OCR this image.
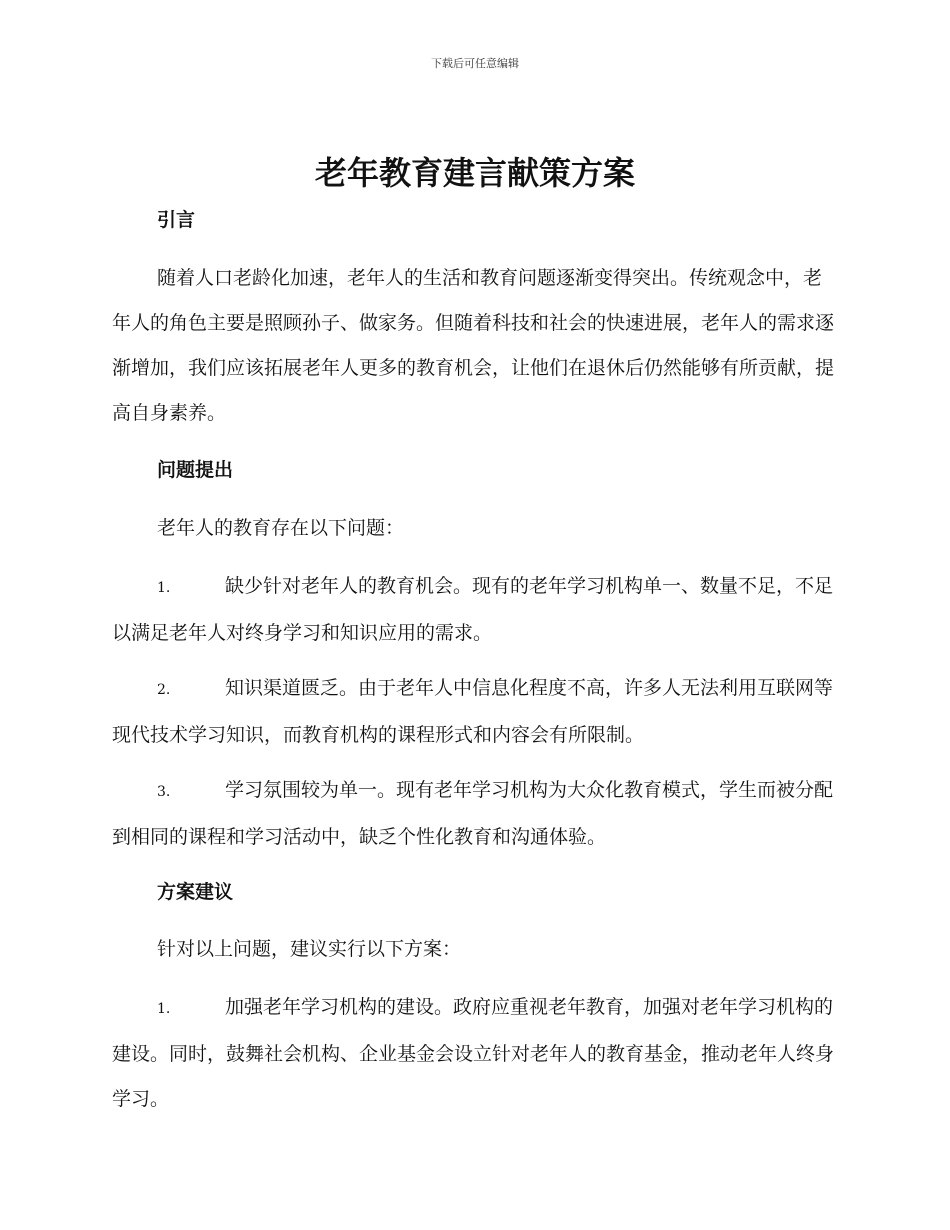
下载后可任意编辑
老年教育建言献策方案
引言

随着人口老龄化加速，老年人的生活和教育问题逐渐变得突出。传统观念中，老年人的角色主要是照顾孙子、做家务。但随着科技和社会的快速进展，老年人的需求逐渐增加，我们应该拓展老年人更多的教育机会，让他们在退休后仍然能够有所贡献，提高自身素养。

问题提出

老年人的教育存在以下问题：

1.	缺少针对老年人的教育机会。现有的老年学习机构单一、数量不足，不足以满足老年人对终身学习和知识应用的需求。

2.	知识渠道匮乏。由于老年人中信息化程度不高，许多人无法利用互联网等现代技术学习知识，而教育机构的课程形式和内容会有所限制。

3.	学习氛围较为单一。现有老年学习机构为大众化教育模式，学生而被分配到相同的课程和学习活动中，缺乏个性化教育和沟通体验。

方案建议

针对以上问题，建议实行以下方案：

1.	加强老年学习机构的建设。政府应重视老年教育，加强对老年学习机构的建设。同时，鼓舞社会机构、企业基金会设立针对老年人的教育基金，推动老年人终身学习。
